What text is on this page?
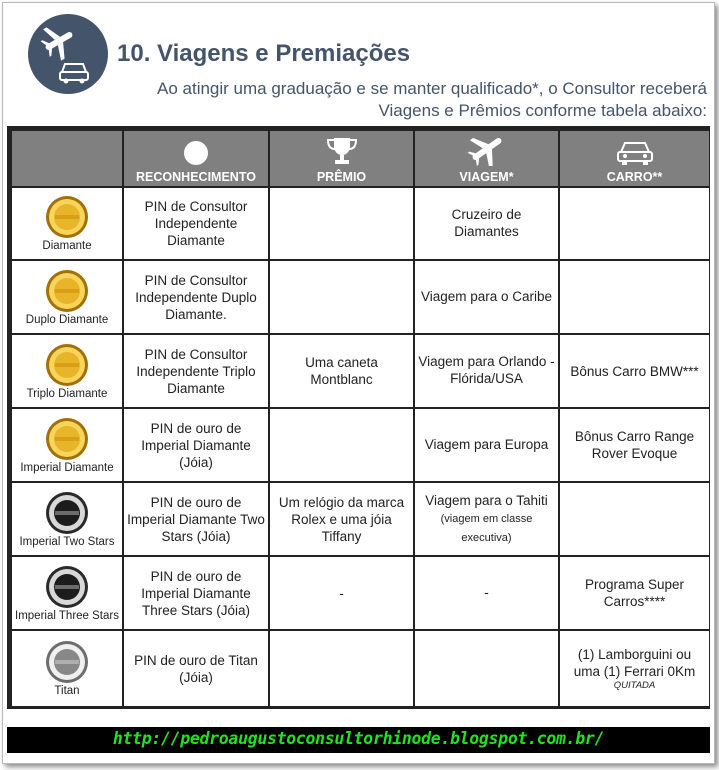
10. Viagens e Premiações
Ao atingir uma graduação e se manter qualificado*, o Consultor receberá Viagens e Prêmios conforme tabela abaixo:

RECONHECIMENTO	PRÊMIO	VIAGEM*	CARRO**

Diamante	PIN de Consultor Independente Diamante		Cruzeiro de Diamantes	

Duplo Diamante	PIN de Consultor Independente Duplo Diamante.		Viagem para o Caribe	

Triplo Diamante	PIN de Consultor Independente Triplo Diamante	Uma caneta Montblanc	Viagem para Orlando - Flórida/USA	Bônus Carro BMW***

Imperial Diamante	PIN de ouro de Imperial Diamante (Jóia)		Viagem para Europa	Bônus Carro Range Rover Evoque

Imperial Two Stars	PIN de ouro de Imperial Diamante Two Stars (Jóia)	Um relógio da marca Rolex e uma jóia Tiffany	Viagem para o Tahiti (viagem em classe executiva)	

Imperial Three Stars	PIN de ouro de Imperial Diamante Three Stars (Jóia)	-	-	Programa Super Carros****

Titan	PIN de ouro de Titan (Jóia)			(1) Lamborguini ou uma (1) Ferrari 0Km
QUITADA
http://pedroaugustoconsultorhinode.blogspot.com.br/
